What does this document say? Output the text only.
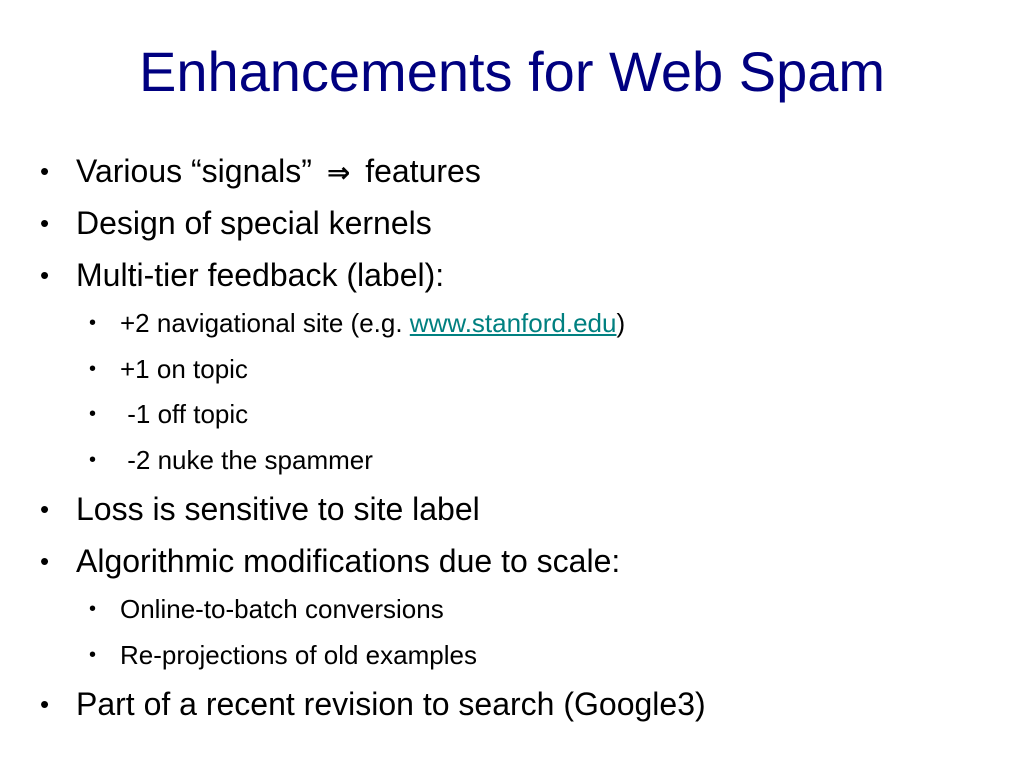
Enhancements for Web Spam
• Various “signals” ⇒ features
• Design of special kernels
• Multi-tier feedback (label):
• +2 navigational site (e.g. www.stanford.edu)
• +1 on topic
• -1 off topic
• -2 nuke the spammer
• Loss is sensitive to site label
• Algorithmic modifications due to scale:
• Online-to-batch conversions
• Re-projections of old examples
• Part of a recent revision to search (Google3)
